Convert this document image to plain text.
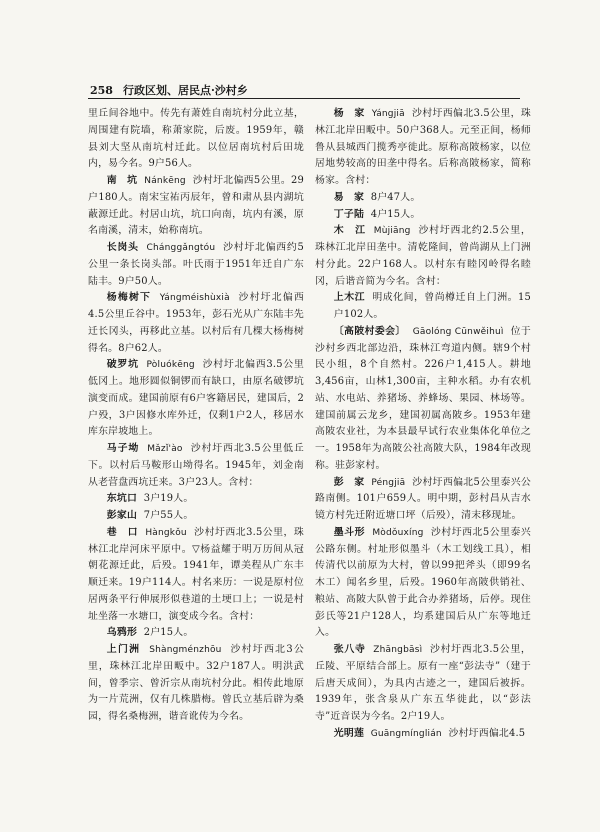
258 行政区划、居民点·沙村乡

里丘间谷地中。传先有萧姓自南坑村分此立基，周围建有院墙，称萧家院，后废。1959年，赣县刘大坚从南坑村迁此。以位居南坑村后田垅内，易今名。9户56人。

南　坑 Nánkēng 沙村圩北偏西5公里。29户180人。南宋宝祐丙辰年，曾和肃从县内湖坑蔽源迁此。村居山坑，坑口向南，坑内有溪，原名南溪，清末，始称南坑。

长岗头 Chánggǎngtóu 沙村圩北偏西约5公里一条长岗头部。叶氏雨于1951年迁自广东陆丰。9户50人。

杨梅树下 Yángméishùxià 沙村圩北偏西4.5公里丘谷中。1953年，彭石光从广东陆丰先迁长冈头，再移此立基。以村后有几棵大杨梅树得名。8户62人。

破罗坑 Pòluókēng 沙村圩北偏西3.5公里低冈上。地形圆似铜锣而有缺口，由原名破锣坑演变而成。建国前原有6户客籍居民，建国后，2户殁，3户因修水库外迁，仅剩1户2人，移居水库东岸坡地上。

马子坳 Mǎzǐ'ào 沙村圩西北3.5公里低丘下。以村后马鞍形山坳得名。1945年，刘金南从老营盘西坑迁来。3户23人。含村：

东坑口 3户19人。

彭家山 7户55人。

巷　口 Hàngkǒu 沙村圩西北3.5公里，珠林江北岸河床平原中。▽杨益耀于明万历间从冠朝花源迁此，后殁。1941年，谭美程从广东丰顺迁来。19户114人。村名来历：一说是原村位居两条平行伸展形似巷道的土埂口上；一说是村址坐落一水塘口，演变成今名。含村：

乌鸦形 2户15人。

上门洲 Shàngménzhōu 沙村圩西北3公里，珠林江北岸田畈中。32户187人。明洪武间，曾季宗、曾沂宗从南坑村分此。相传此地原为一片荒洲，仅有几株腊梅。曾氏立基后辟为桑园，得名桑梅洲，谐音讹传为今名。

杨　家 Yángjiā 沙村圩西偏北3.5公里，珠林江北岸田畈中。50户368人。元至正间，杨师鲁从县城西门揽秀亭徙此。原称高陂杨家，以位居地势较高的田垄中得名。后称高陂杨家，简称杨家。含村：

易　家 8户47人。

丁子陆 4户15人。

木　江 Mùjiāng 沙村圩西北约2.5公里，珠林江北岸田垄中。清乾隆间，曾尚湖从上门洲村分此。22户168人。以村东有睦冈岭得名睦冈，后谐音简为今名。含村：

上木江 明成化间，曾尚樽迁自上门洲。15户102人。

〔高陂村委会〕 Gāolóng Cūnwěihuì 位于沙村乡西北部边沿，珠林江弯道内侧。辖9个村民小组，8个自然村。226户1,415人。耕地3,456亩，山林1,300亩，主种水稻。办有农机站、水电站、养猪场、养蜂场、果园、林场等。建国前属云龙乡，建国初属高陂乡。1953年建高陂农业社，为本县最早试行农业集体化单位之一。1958年为高陂公社高陂大队，1984年改现称。驻彭家村。

彭　家 Péngjiā 沙村圩西偏北5公里泰兴公路南侧。101户659人。明中期，彭村昌从吉水镜方村先迁附近塘口坪（后殁），清末移现址。

墨斗形 Mòdǒuxíng 沙村圩西北5公里泰兴公路东侧。村址形似墨斗（木工划线工具），相传清代以前原为大村，曾以99把斧头（即99名木工）闻名乡里，后殁。1960年高陂供销社、粮站、高陂大队曾于此合办养猪场，后停。现住彭氏等21户128人，均系建国后从广东等地迁入。

张八寺 Zhāngbāsì 沙村圩西北3.5公里，丘陵、平原结合部上。原有一座“彭法寺”（建于后唐天成间），为具内古迹之一，建国后被拆。1939年，张含泉从广东五华徙此，以“彭法寺”近音误为今名。2户19人。

光明莲 Guāngmínglián 沙村圩西偏北4.5
